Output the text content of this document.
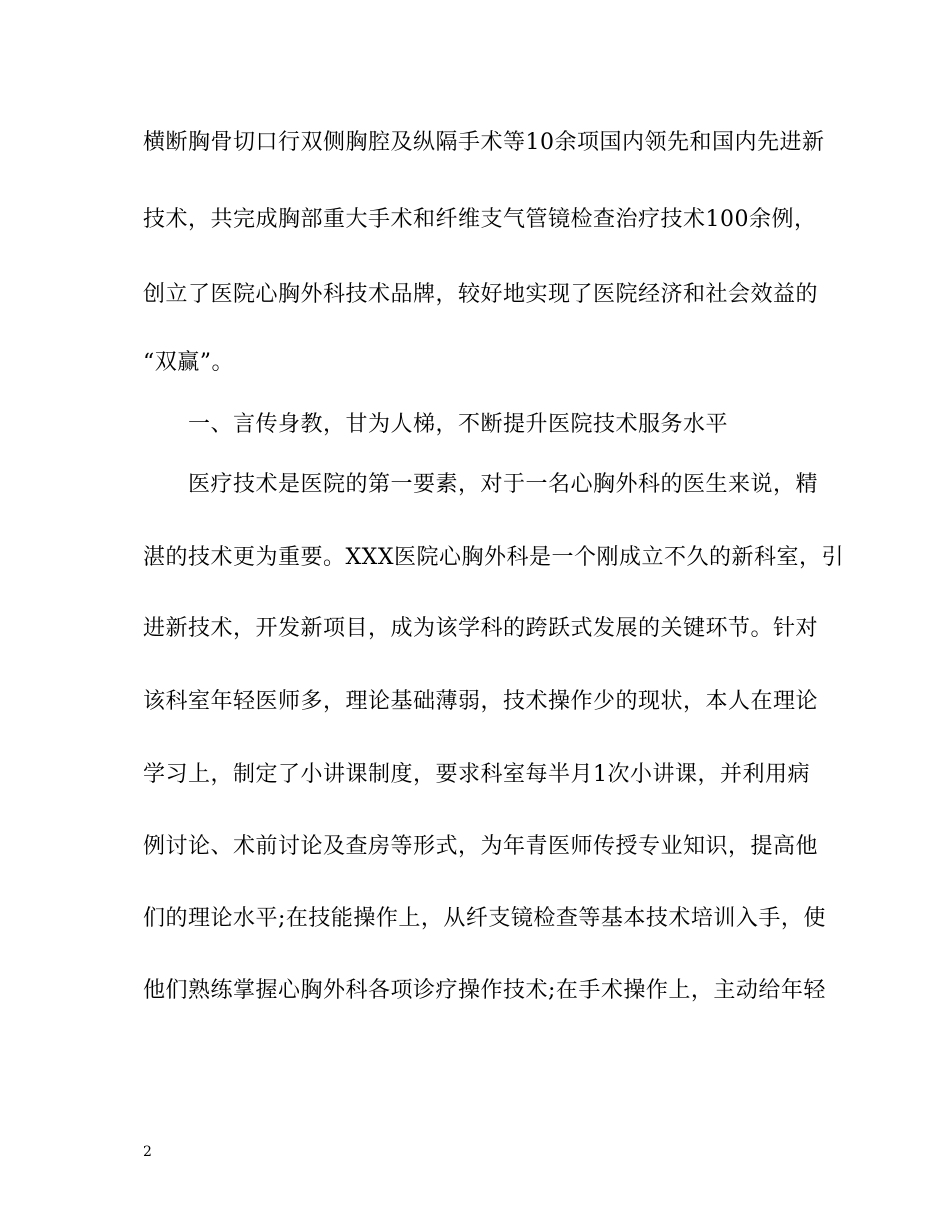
横断胸骨切口行双侧胸腔及纵隔手术等10余项国内领先和国内先进新
技术，共完成胸部重大手术和纤维支气管镜检查治疗技术100余例，
创立了医院心胸外科技术品牌，较好地实现了医院经济和社会效益的
“双赢”。
一、言传身教，甘为人梯，不断提升医院技术服务水平
医疗技术是医院的第一要素，对于一名心胸外科的医生来说，精
湛的技术更为重要。XXX医院心胸外科是一个刚成立不久的新科室，引
进新技术，开发新项目，成为该学科的跨跃式发展的关键环节。针对
该科室年轻医师多，理论基础薄弱，技术操作少的现状，本人在理论
学习上，制定了小讲课制度，要求科室每半月1次小讲课，并利用病
例讨论、术前讨论及查房等形式，为年青医师传授专业知识，提高他
们的理论水平;在技能操作上，从纤支镜检查等基本技术培训入手，使
他们熟练掌握心胸外科各项诊疗操作技术;在手术操作上，主动给年轻
2
